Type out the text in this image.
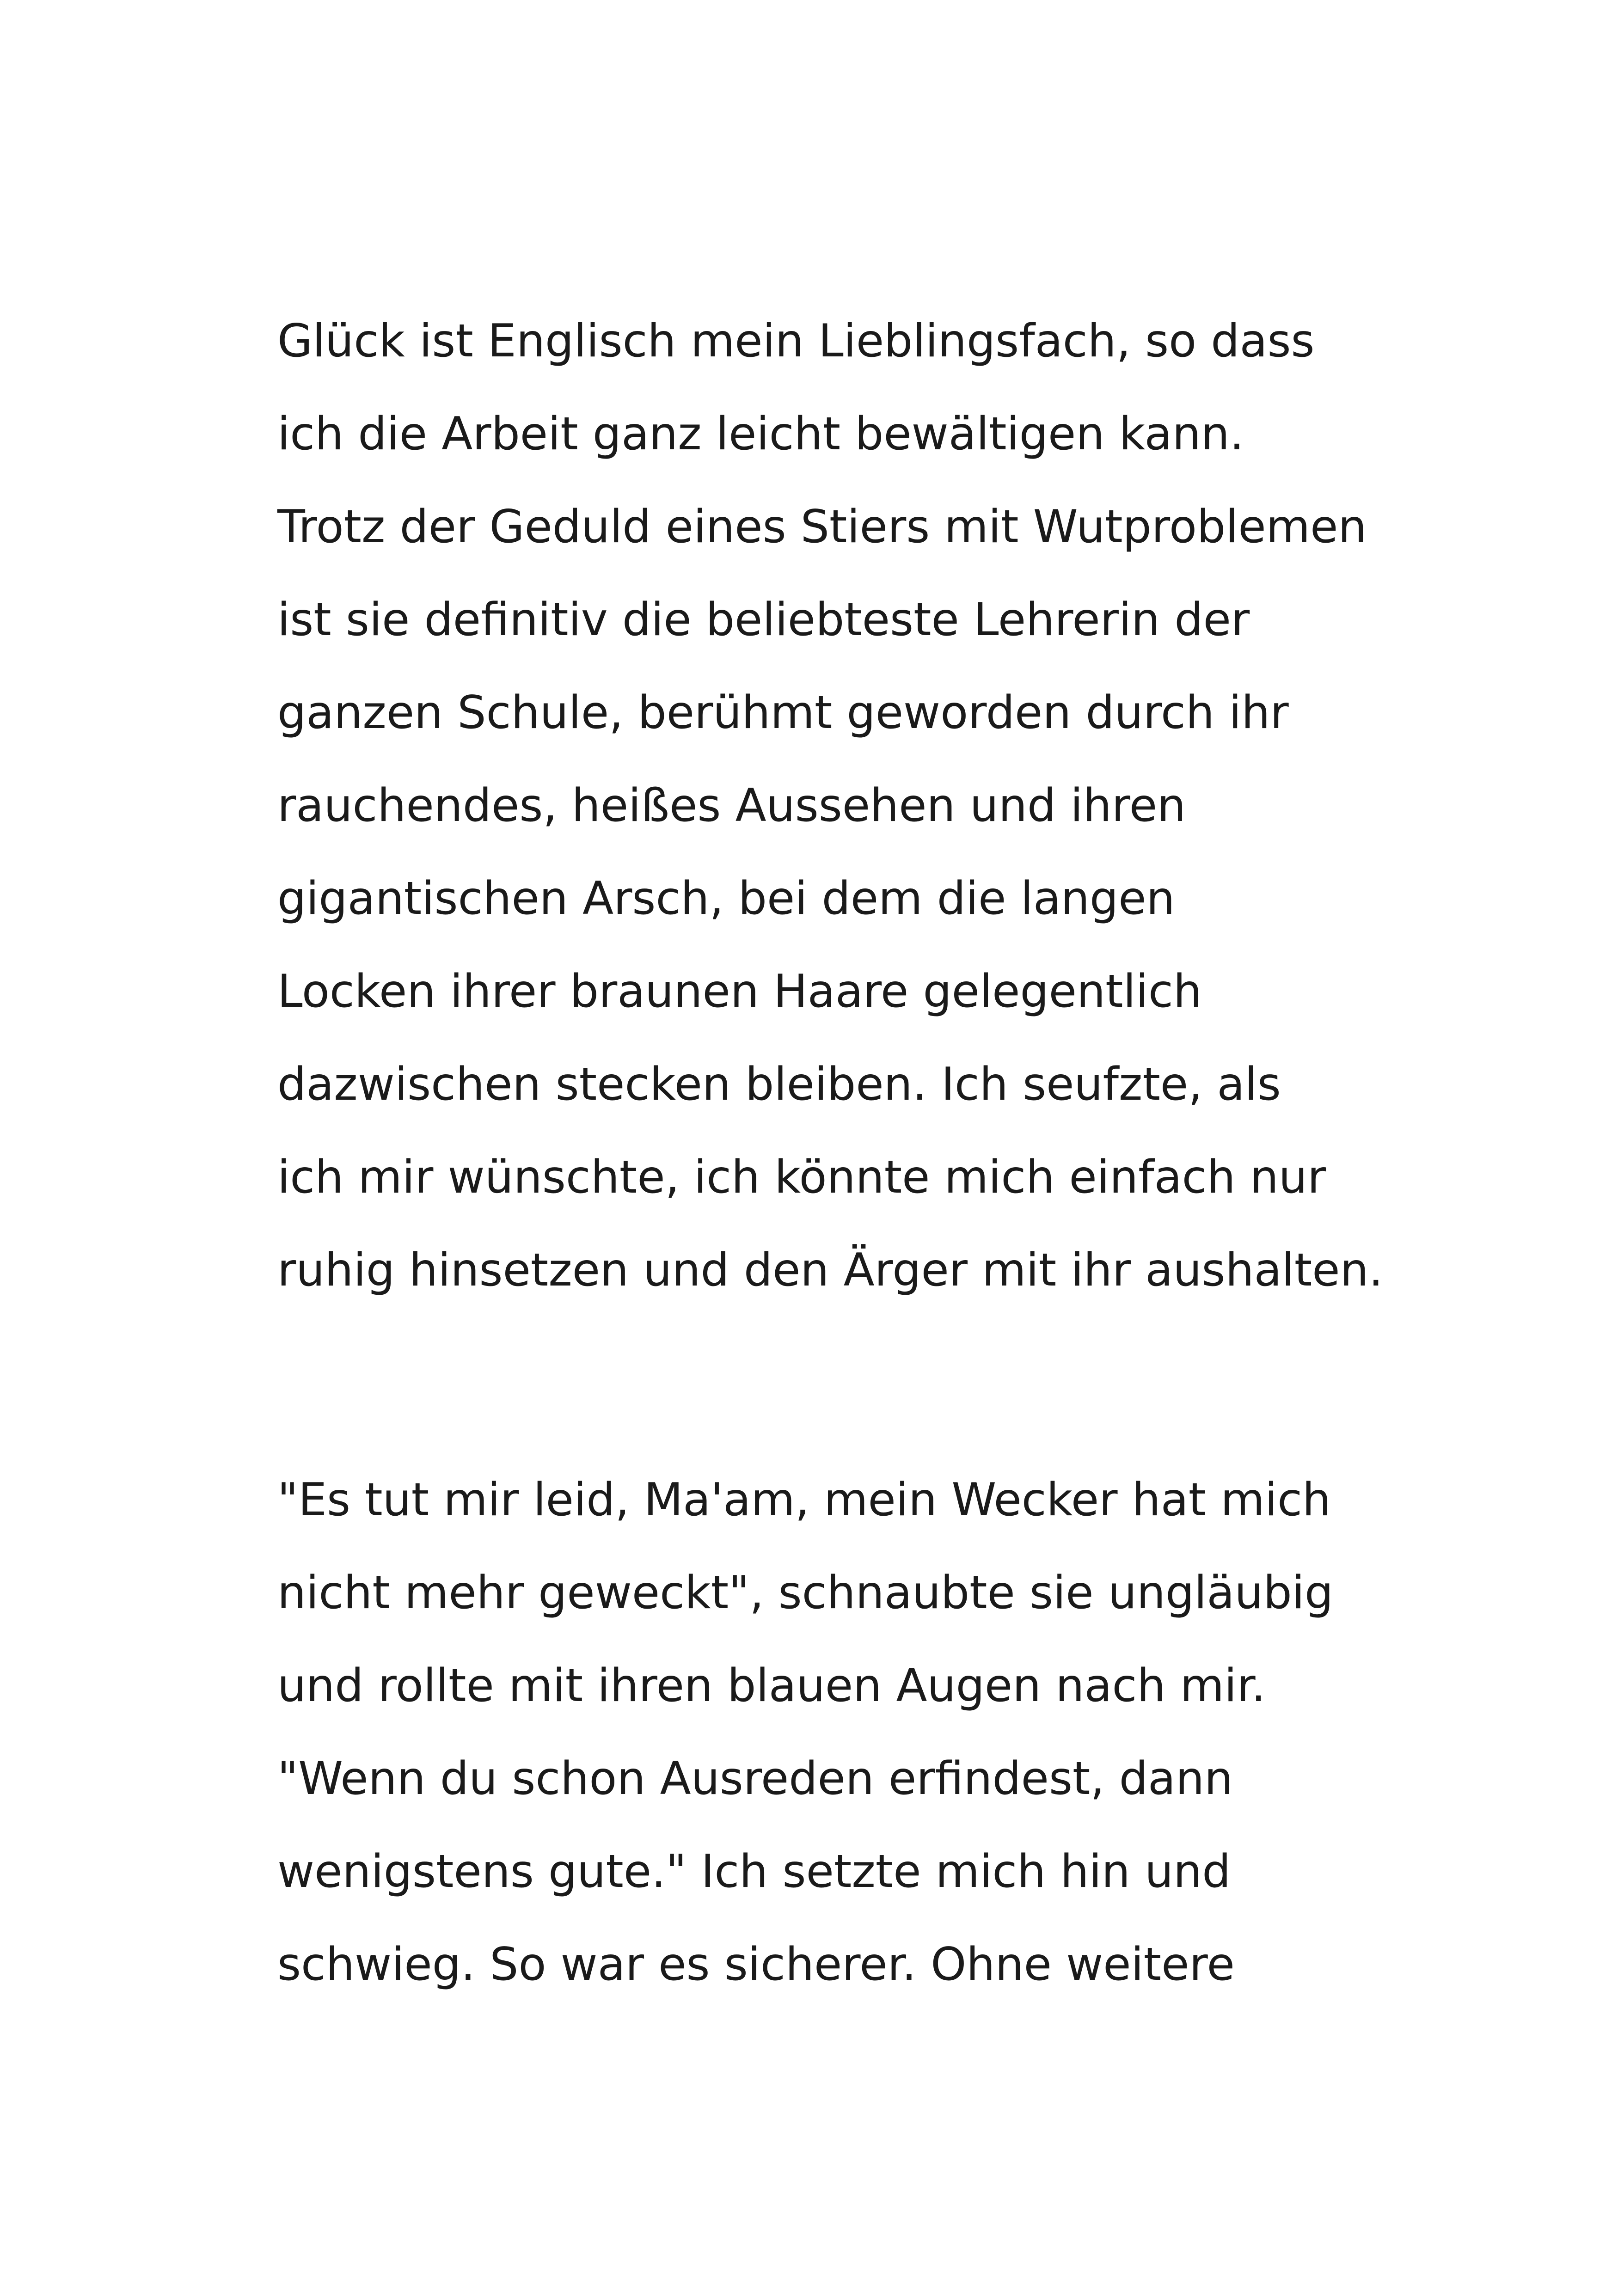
Glück ist Englisch mein Lieblingsfach, so dass
ich die Arbeit ganz leicht bewältigen kann.
Trotz der Geduld eines Stiers mit Wutproblemen
ist sie definitiv die beliebteste Lehrerin der
ganzen Schule, berühmt geworden durch ihr
rauchendes, heißes Aussehen und ihren
gigantischen Arsch, bei dem die langen
Locken ihrer braunen Haare gelegentlich
dazwischen stecken bleiben. Ich seufzte, als
ich mir wünschte, ich könnte mich einfach nur
ruhig hinsetzen und den Ärger mit ihr aushalten.

"Es tut mir leid, Ma'am, mein Wecker hat mich
nicht mehr geweckt", schnaubte sie ungläubig
und rollte mit ihren blauen Augen nach mir.
"Wenn du schon Ausreden erfindest, dann
wenigstens gute." Ich setzte mich hin und
schwieg. So war es sicherer. Ohne weitere
